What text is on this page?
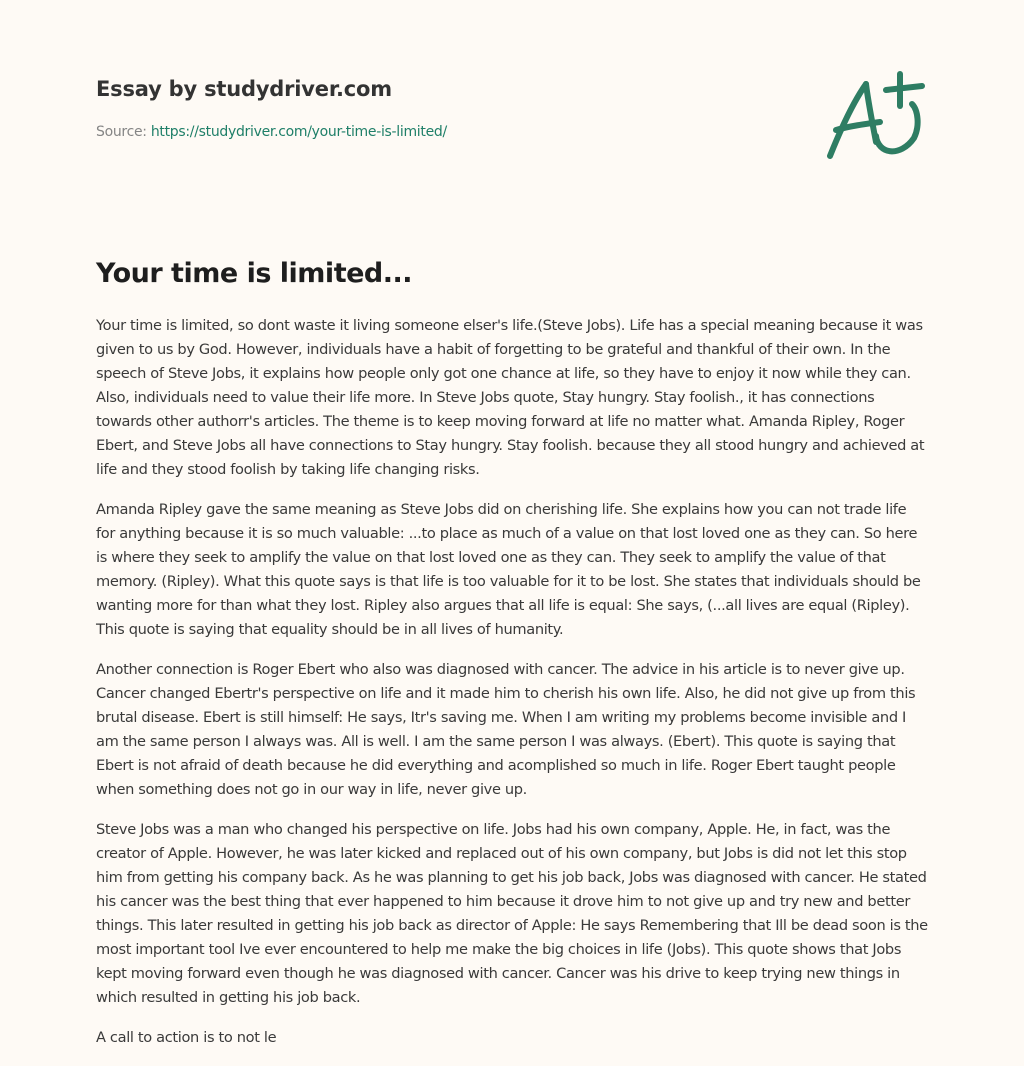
Essay by studydriver.com
Source: https://studydriver.com/your-time-is-limited/
Your time is limited...

Your time is limited, so dont waste it living someone elser's life.(Steve Jobs). Life has a special meaning because it was given to us by God. However, individuals have a habit of forgetting to be grateful and thankful of their own. In the speech of Steve Jobs, it explains how people only got one chance at life, so they have to enjoy it now while they can. Also, individuals need to value their life more. In Steve Jobs quote, Stay hungry. Stay foolish., it has connections towards other authorr's articles. The theme is to keep moving forward at life no matter what. Amanda Ripley, Roger Ebert, and Steve Jobs all have connections to Stay hungry. Stay foolish. because they all stood hungry and achieved at life and they stood foolish by taking life changing risks.

Amanda Ripley gave the same meaning as Steve Jobs did on cherishing life. She explains how you can not trade life for anything because it is so much valuable: ...to place as much of a value on that lost loved one as they can. So here is where they seek to amplify the value on that lost loved one as they can. They seek to amplify the value of that memory. (Ripley). What this quote says is that life is too valuable for it to be lost. She states that individuals should be wanting more for than what they lost. Ripley also argues that all life is equal: She says, (...all lives are equal (Ripley). This quote is saying that equality should be in all lives of humanity.

Another connection is Roger Ebert who also was diagnosed with cancer. The advice in his article is to never give up. Cancer changed Ebertr's perspective on life and it made him to cherish his own life. Also, he did not give up from this brutal disease. Ebert is still himself: He says, Itr's saving me. When I am writing my problems become invisible and I am the same person I always was. All is well. I am the same person I was always. (Ebert). This quote is saying that Ebert is not afraid of death because he did everything and acomplished so much in life. Roger Ebert taught people when something does not go in our way in life, never give up.

Steve Jobs was a man who changed his perspective on life. Jobs had his own company, Apple. He, in fact, was the creator of Apple. However, he was later kicked and replaced out of his own company, but Jobs is did not let this stop him from getting his company back. As he was planning to get his job back, Jobs was diagnosed with cancer. He stated his cancer was the best thing that ever happened to him because it drove him to not give up and try new and better things. This later resulted in getting his job back as director of Apple: He says Remembering that Ill be dead soon is the most important tool Ive ever encountered to help me make the big choices in life (Jobs). This quote shows that Jobs kept moving forward even though he was diagnosed with cancer. Cancer was his drive to keep trying new things in which resulted in getting his job back.

A call to action is to not le
